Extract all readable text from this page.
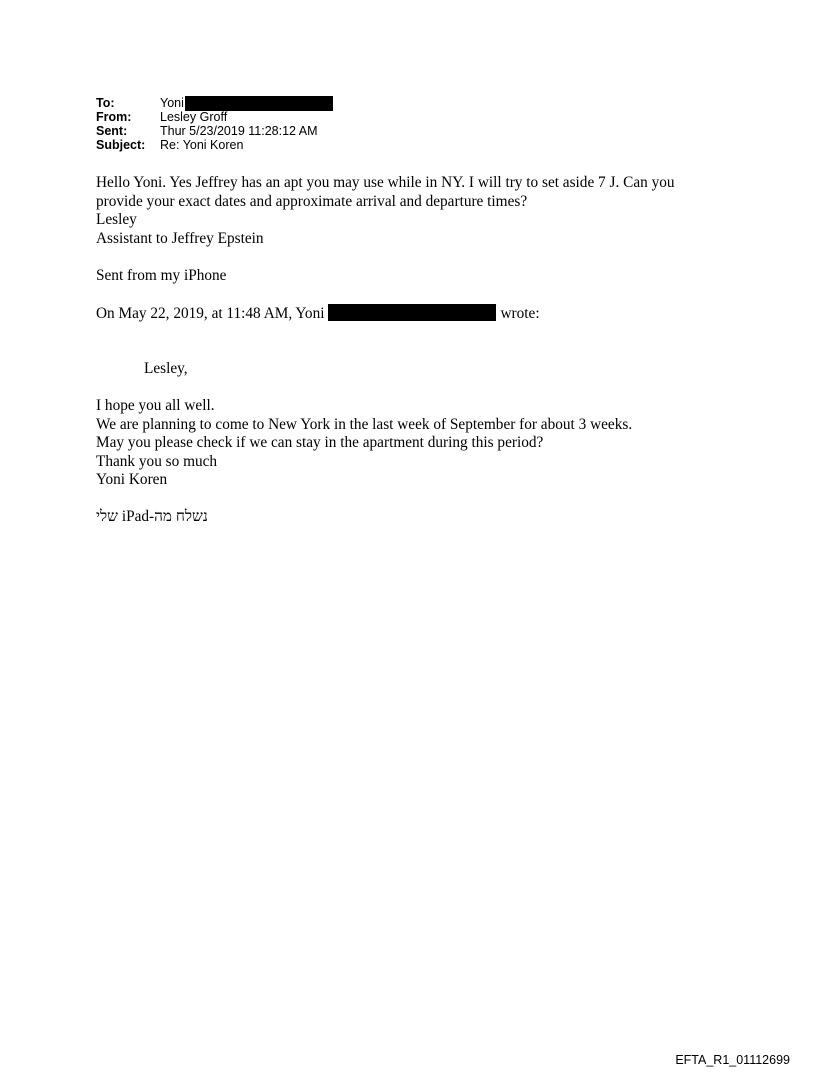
To:	Yoni
From:	Lesley Groff
Sent:	Thur 5/23/2019 11:28:12 AM
Subject:	Re: Yoni Koren

Hello Yoni. Yes Jeffrey has an apt you may use while in NY. I will try to set aside 7 J. Can you

provide your exact dates and approximate arrival and departure times?

Lesley

Assistant to Jeffrey Epstein

Sent from my iPhone

On May 22, 2019, at 11:48 AM, Yoni	wrote:

Lesley,

I hope you all well.

We are planning to come to New York in the last week of September for about 3 weeks.

May you please check if we can stay in the apartment during this period?

Thank you so much

Yoni Koren

נשלח מה-iPad שלי

EFTA_R1_01112699
